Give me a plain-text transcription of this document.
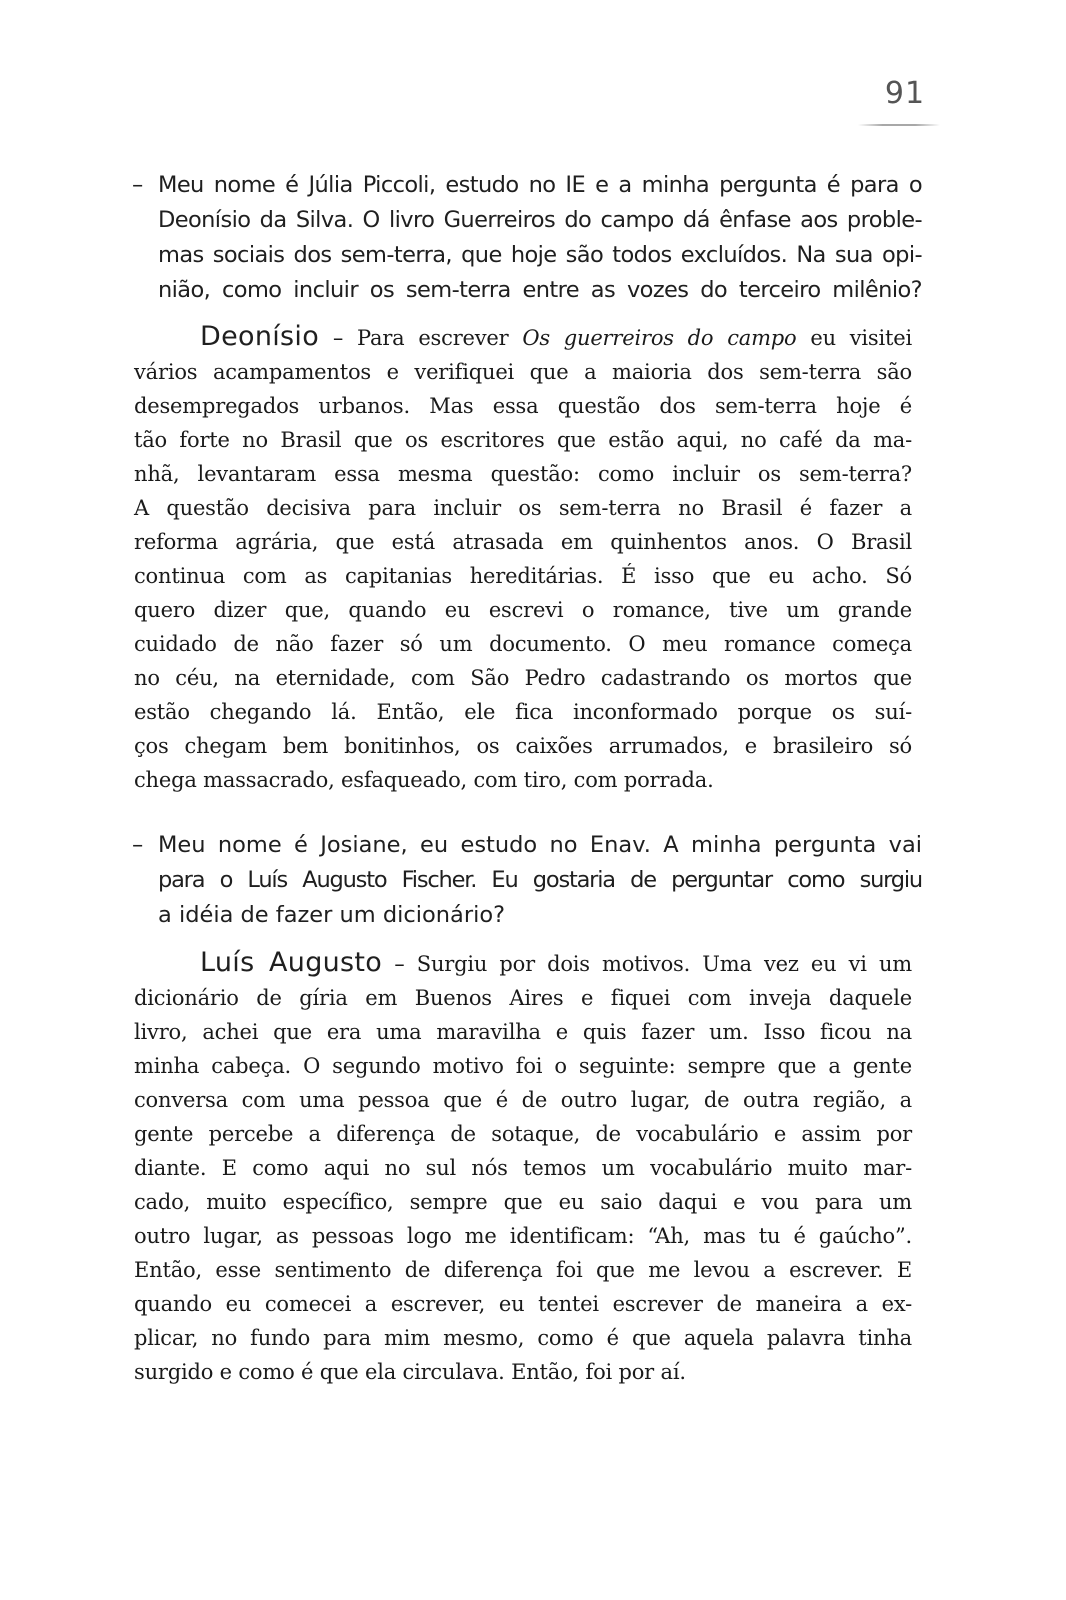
91
– Meu nome é Júlia Piccoli, estudo no IE e a minha pergunta é para o
Deonísio da Silva. O livro Guerreiros do campo dá ênfase aos proble-
mas sociais dos sem-terra, que hoje são todos excluídos. Na sua opi-
nião, como incluir os sem-terra entre as vozes do terceiro milênio?
Deonísio – Para escrever Os guerreiros do campo eu visitei
vários acampamentos e verifiquei que a maioria dos sem-terra são
desempregados urbanos. Mas essa questão dos sem-terra hoje é
tão forte no Brasil que os escritores que estão aqui, no café da ma-
nhã, levantaram essa mesma questão: como incluir os sem-terra?
A questão decisiva para incluir os sem-terra no Brasil é fazer a
reforma agrária, que está atrasada em quinhentos anos. O Brasil
continua com as capitanias hereditárias. É isso que eu acho. Só
quero dizer que, quando eu escrevi o romance, tive um grande
cuidado de não fazer só um documento. O meu romance começa
no céu, na eternidade, com São Pedro cadastrando os mortos que
estão chegando lá. Então, ele fica inconformado porque os suí-
ços chegam bem bonitinhos, os caixões arrumados, e brasileiro só
chega massacrado, esfaqueado, com tiro, com porrada.
– Meu nome é Josiane, eu estudo no Enav. A minha pergunta vai
para o Luís Augusto Fischer. Eu gostaria de perguntar como surgiu
a idéia de fazer um dicionário?
Luís Augusto – Surgiu por dois motivos. Uma vez eu vi um
dicionário de gíria em Buenos Aires e fiquei com inveja daquele
livro, achei que era uma maravilha e quis fazer um. Isso ficou na
minha cabeça. O segundo motivo foi o seguinte: sempre que a gente
conversa com uma pessoa que é de outro lugar, de outra região, a
gente percebe a diferença de sotaque, de vocabulário e assim por
diante. E como aqui no sul nós temos um vocabulário muito mar-
cado, muito específico, sempre que eu saio daqui e vou para um
outro lugar, as pessoas logo me identificam: “Ah, mas tu é gaúcho”.
Então, esse sentimento de diferença foi que me levou a escrever. E
quando eu comecei a escrever, eu tentei escrever de maneira a ex-
plicar, no fundo para mim mesmo, como é que aquela palavra tinha
surgido e como é que ela circulava. Então, foi por aí.
